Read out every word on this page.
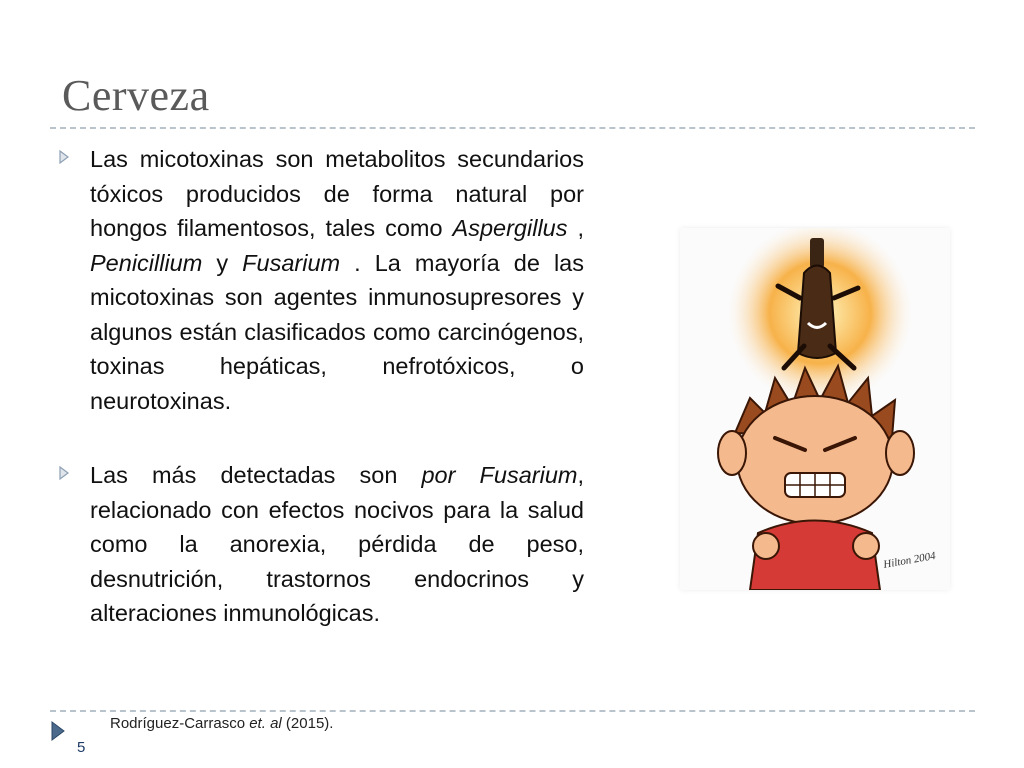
Cerveza
Las micotoxinas son metabolitos secundarios tóxicos producidos de forma natural por hongos filamentosos, tales como Aspergillus , Penicillium y Fusarium . La mayoría de las micotoxinas son agentes inmunosupresores y algunos están clasificados como carcinógenos, toxinas hepáticas, nefrotóxicos, o neurotoxinas.
Las más detectadas son por Fusarium, relacionado con efectos nocivos para la salud como la anorexia, pérdida de peso, desnutrición, trastornos endocrinos y alteraciones inmunológicas.
Hilton 2004
Rodríguez-Carrasco et. al (2015).
5
